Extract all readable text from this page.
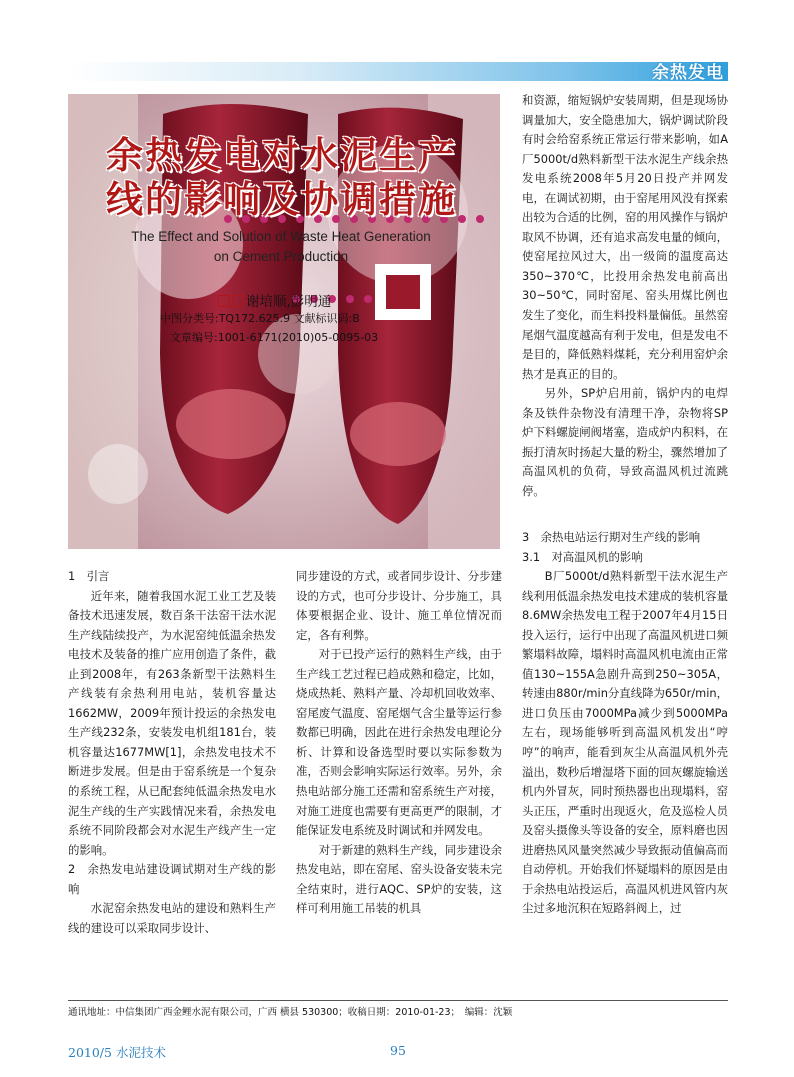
余热发电
余热发电对水泥生产
线的影响及协调措施
The Effect and Solution of Waste Heat Generation
on Cement Production
谢培顺,彭明通
中图分类号:TQ172.625.9 文献标识码:B
文章编号:1001-6171(2010)05-0095-03

1　引言

近年来，随着我国水泥工业工艺及装备技术迅速发展，数百条干法窑干法水泥生产线陆续投产，为水泥窑纯低温余热发电技术及装备的推广应用创造了条件，截止到2008年，有263条新型干法熟料生产线装有余热利用电站，装机容量达1662MW，2009年预计投运的余热发电生产线232条，安装发电机组181台，装机容量达1677MW[1]，余热发电技术不断进步发展。但是由于窑系统是一个复杂的系统工程，从已配套纯低温余热发电水泥生产线的生产实践情况来看，余热发电系统不同阶段都会对水泥生产线产生一定的影响。

2　余热发电站建设调试期对生产线的影响

水泥窑余热发电站的建设和熟料生产线的建设可以采取同步设计、

同步建设的方式，或者同步设计、分步建设的方式，也可分步设计、分步施工，具体要根据企业、设计、施工单位情况而定，各有利弊。

对于已投产运行的熟料生产线，由于生产线工艺过程已趋成熟和稳定，比如，烧成热耗、熟料产量、冷却机回收效率、窑尾废气温度、窑尾烟气含尘量等运行参数都已明确，因此在进行余热发电理论分析、计算和设备选型时要以实际参数为准，否则会影响实际运行效率。另外，余热电站部分施工还需和窑系统生产对接，对施工进度也需要有更高更严的限制，才能保证发电系统及时调试和并网发电。

对于新建的熟料生产线，同步建设余热发电站，即在窑尾、窑头设备安装未完全结束时，进行AQC、SP炉的安装，这样可利用施工吊装的机具

和资源，缩短锅炉安装周期，但是现场协调量加大，安全隐患加大，锅炉调试阶段有时会给窑系统正常运行带来影响，如A厂5000t/d熟料新型干法水泥生产线余热发电系统2008年5月20日投产并网发电，在调试初期，由于窑尾用风没有探索出较为合适的比例，窑的用风操作与锅炉取风不协调，还有追求高发电量的倾向，使窑尾拉风过大，出一级筒的温度高达350~370℃，比投用余热发电前高出30~50℃，同时窑尾、窑头用煤比例也发生了变化，而生料投料量偏低。虽然窑尾烟气温度越高有利于发电，但是发电不是目的，降低熟料煤耗，充分利用窑炉余热才是真正的目的。

另外，SP炉启用前，锅炉内的电焊条及铁件杂物没有清理干净，杂物将SP炉下料螺旋闸阀堵塞，造成炉内积料，在振打清灰时扬起大量的粉尘，骤然增加了高温风机的负荷，导致高温风机过流跳停。

3　余热电站运行期对生产线的影响

3.1　对高温风机的影响

B厂5000t/d熟料新型干法水泥生产线利用低温余热发电技术建成的装机容量8.6MW余热发电工程于2007年4月15日投入运行，运行中出现了高温风机进口频繁塌料故障，塌料时高温风机电流由正常值130~155A急剧升高到250~305A，转速由880r/min分直线降为650r/min，进口负压由7000MPa减少到5000MPa左右，现场能够听到高温风机发出“哼哼”的响声，能看到灰尘从高温风机外壳溢出，数秒后增湿塔下面的回灰螺旋输送机内外冒灰，同时预热器也出现塌料，窑头正压，严重时出现返火，危及巡检人员及窑头摄像头等设备的安全，原料磨也因进磨热风风量突然减少导致振动值偏高而自动停机。开始我们怀疑塌料的原因是由于余热电站投运后，高温风机进风管内灰尘过多地沉积在短路斜阀上，过

通讯地址：中信集团广西金鲤水泥有限公司，广西 横县 530300；收稿日期：2010-01-23；　编辑：沈颖
2010/5 水泥技术	95
